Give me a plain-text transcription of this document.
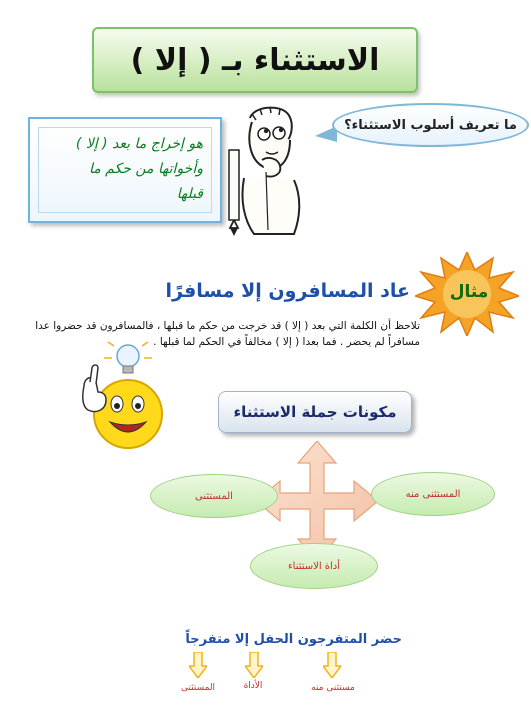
الاستثناء بـ ( إلا )
ما تعريف أسلوب الاستثناء؟
هو إخراج ما بعد ( إلا )
وأخواتها من حكم ما
قبلها
مثال
عاد المسافرون إلا مسافرًا
تلاحظ أن الكلمة التي بعد ( إلا ) قد خرجت من حكم ما قبلها ، فالمسافرون قد حضروا عدا مسافراً لم يحضر . فما بعدا ( إلا ) مخالفاً في الحكم لما قبلها .
مكونات جملة الاستثناء
المستثنى	المستثنى منه
أداة الاستثناء
حضر المتفرجون الحفل إلا متفرجاً
المستثنى	الأداة	مستثنى منه
